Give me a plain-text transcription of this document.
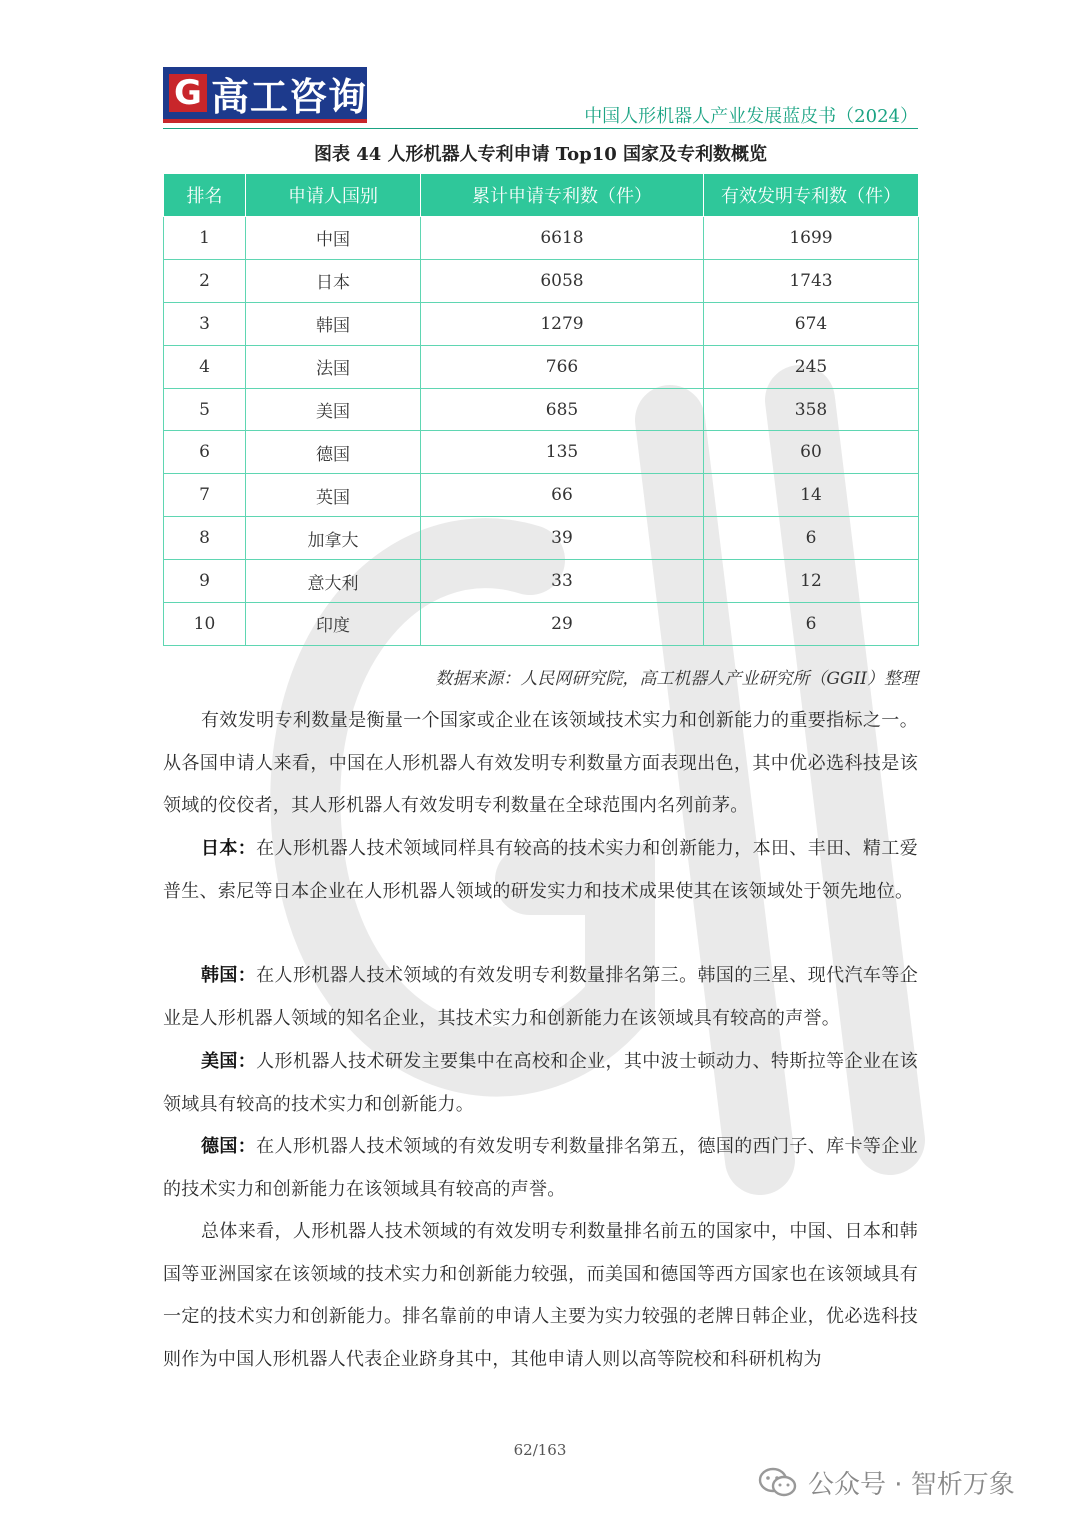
G 高工咨询	中国人形机器人产业发展蓝皮书（2024）
图表 44 人形机器人专利申请 Top10 国家及专利数概览
排名	申请人国别	累计申请专利数（件）	有效发明专利数（件）
1	中国	6618	1699
2	日本	6058	1743
3	韩国	1279	674
4	法国	766	245
5	美国	685	358
6	德国	135	60
7	英国	66	14
8	加拿大	39	6
9	意大利	33	12
10	印度	29	6
数据来源：人民网研究院，高工机器人产业研究所（GGII）整理

有效发明专利数量是衡量一个国家或企业在该领域技术实力和创新能力的重要指标之一。从各国申请人来看，中国在人形机器人有效发明专利数量方面表现出色，其中优必选科技是该领域的佼佼者，其人形机器人有效发明专利数量在全球范围内名列前茅。

日本：在人形机器人技术领域同样具有较高的技术实力和创新能力，本田、丰田、精工爱普生、索尼等日本企业在人形机器人领域的研发实力和技术成果使其在该领域处于领先地位。

韩国：在人形机器人技术领域的有效发明专利数量排名第三。韩国的三星、现代汽车等企业是人形机器人领域的知名企业，其技术实力和创新能力在该领域具有较高的声誉。

美国：人形机器人技术研发主要集中在高校和企业，其中波士顿动力、特斯拉等企业在该领域具有较高的技术实力和创新能力。

德国：在人形机器人技术领域的有效发明专利数量排名第五，德国的西门子、库卡等企业的技术实力和创新能力在该领域具有较高的声誉。

总体来看，人形机器人技术领域的有效发明专利数量排名前五的国家中，中国、日本和韩国等亚洲国家在该领域的技术实力和创新能力较强，而美国和德国等西方国家也在该领域具有一定的技术实力和创新能力。排名靠前的申请人主要为实力较强的老牌日韩企业，优必选科技则作为中国人形机器人代表企业跻身其中，其他申请人则以高等院校和科研机构为

62/163
公众号 · 智析万象
